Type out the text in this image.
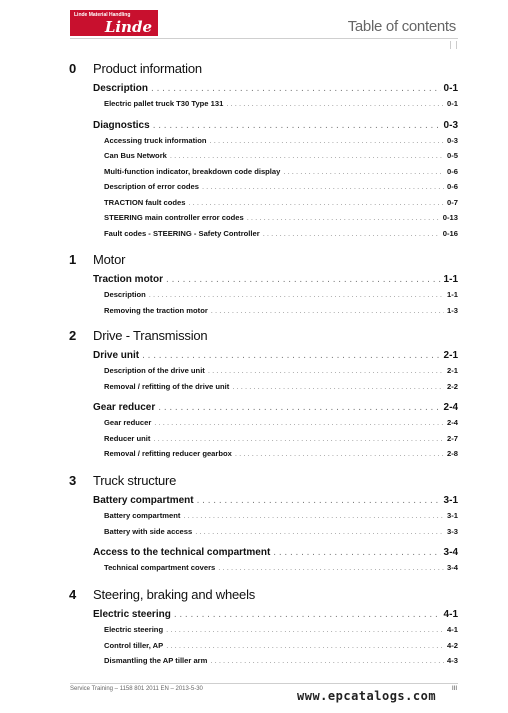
Linde Material Handling
Linde	Table of contents
0 Product information
Description . . .	0-1
Electric pallet truck T30 Type 131 . . .	0-1
Diagnostics . . .	0-3
Accessing truck information . . .	0-3
Can Bus Network . . .	0-5
Multi-function indicator, breakdown code display . . .	0-6
Description of error codes . . .	0-6
TRACTION fault codes . . .	0-7
STEERING main controller error codes . . .	0-13
Fault codes - STEERING - Safety Controller . . .	0-16
1 Motor
Traction motor . . .	1-1
Description . . .	1-1
Removing the traction motor . . .	1-3
2 Drive - Transmission
Drive unit . . .	2-1
Description of the drive unit . . .	2-1
Removal / refitting of the drive unit . . .	2-2
Gear reducer . . .	2-4
Gear reducer . . .	2-4
Reducer unit . . .	2-7
Removal / refitting reducer gearbox . . .	2-8
3 Truck structure
Battery compartment . . .	3-1
Battery compartment . . .	3-1
Battery with side access . . .	3-3
Access to the technical compartment . . .	3-4
Technical compartment covers . . .	3-4
4 Steering, braking and wheels
Electric steering . . .	4-1
Electric steering . . .	4-1
Control tiller, AP . . .	4-2
Dismantling the AP tiller arm . . .	4-3
Service Training – 1158 801 2011 EN – 2013-5-30	www.epcatalogs.com	III
